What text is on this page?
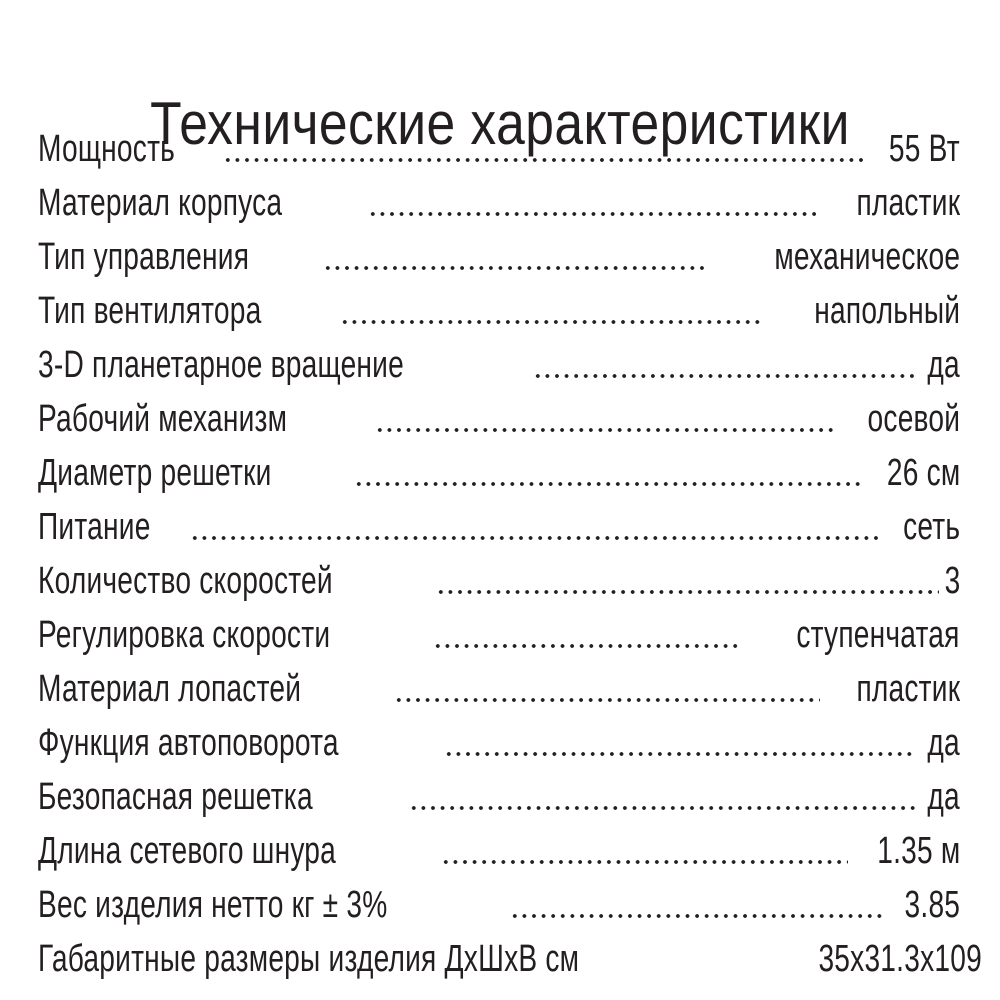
Технические характеристики
Мощность	55 Вт
Материал корпуса	пластик
Тип управления	механическое
Тип вентилятора	напольный
3-D планетарное вращение	да
Рабочий механизм	осевой
Диаметр решетки	26 см
Питание	сеть
Количество скоростей	3
Регулировка скорости	ступенчатая
Материал лопастей	пластик
Функция автоповорота	да
Безопасная решетка	да
Длина сетевого шнура	1.35 м
Вес изделия нетто кг ± 3%	3.85
Габаритные размеры изделия ДхШхВ см	35х31.3х109
